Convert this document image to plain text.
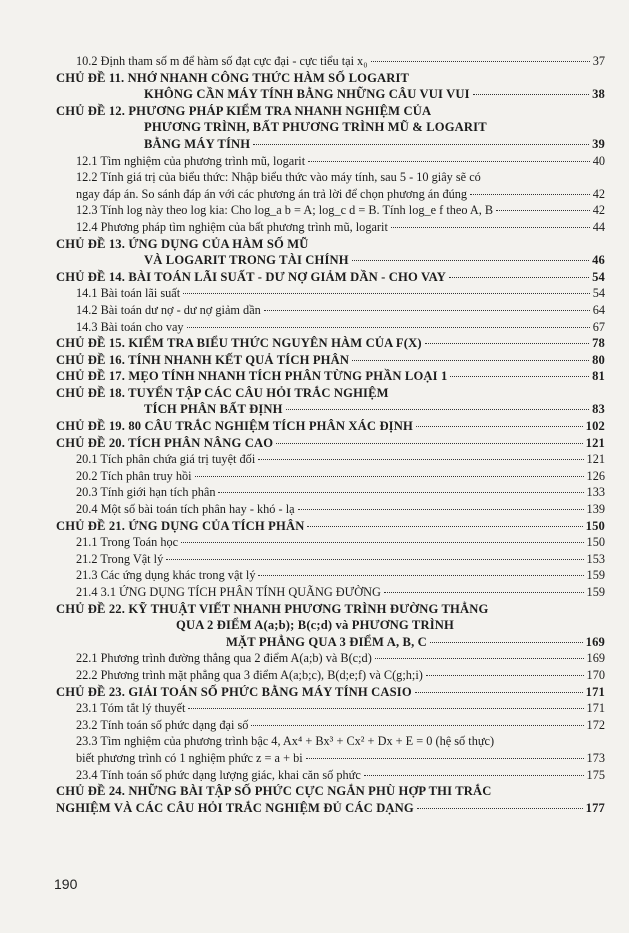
10.2 Định tham số m để hàm số đạt cực đại - cực tiểu tại x₀	37
CHỦ ĐỀ 11. NHỚ NHANH CÔNG THỨC HÀM SỐ LOGARIT
KHÔNG CẦN MÁY TÍNH BẰNG NHỮNG CÂU VUI VUI	38
CHỦ ĐỀ 12. PHƯƠNG PHÁP KIỂM TRA NHANH NGHIỆM CỦA
PHƯƠNG TRÌNH, BẤT PHƯƠNG TRÌNH MŨ & LOGARIT
BẰNG MÁY TÍNH	39
12.1 Tìm nghiệm của phương trình mũ, logarit	40
12.2 Tính giá trị của biểu thức: Nhập biểu thức vào máy tính, sau 5 - 10 giây sẽ có
ngay đáp án. So sánh đáp án với các phương án trả lời để chọn phương án đúng	42
12.3 Tính log này theo log kia: Cho log_a b = A; log_c d = B. Tính log_e f theo A, B	42
12.4 Phương pháp tìm nghiệm của bất phương trình mũ, logarit	44
CHỦ ĐỀ 13. ỨNG DỤNG CỦA HÀM SỐ MŨ
VÀ LOGARIT TRONG TÀI CHÍNH	46
CHỦ ĐỀ 14. BÀI TOÁN LÃI SUẤT - DƯ NỢ GIẢM DẦN - CHO VAY	54
14.1 Bài toán lãi suất	54
14.2 Bài toán dư nợ - dư nợ giảm dần	64
14.3 Bài toán cho vay	67
CHỦ ĐỀ 15. KIỂM TRA BIỂU THỨC NGUYÊN HÀM CỦA F(X)	78
CHỦ ĐỀ 16. TÍNH NHANH KẾT QUẢ TÍCH PHÂN	80
CHỦ ĐỀ 17. MẸO TÍNH NHANH TÍCH PHÂN TỪNG PHẦN LOẠI 1	81
CHỦ ĐỀ 18. TUYỂN TẬP CÁC CÂU HỎI TRẮC NGHIỆM
TÍCH PHÂN BẤT ĐỊNH	83
CHỦ ĐỀ 19. 80 CÂU TRẮC NGHIỆM TÍCH PHÂN XÁC ĐỊNH	102
CHỦ ĐỀ 20. TÍCH PHÂN NÂNG CAO	121
20.1 Tích phân chứa giá trị tuyệt đối	121
20.2 Tích phân truy hồi	126
20.3 Tính giới hạn tích phân	133
20.4 Một số bài toán tích phân hay - khó - lạ	139
CHỦ ĐỀ 21. ỨNG DỤNG CỦA TÍCH PHÂN	150
21.1 Trong Toán học	150
21.2 Trong Vật lý	153
21.3 Các ứng dụng khác trong vật lý	159
21.4 3.1 ỨNG DỤNG TÍCH PHÂN TÍNH QUÃNG ĐƯỜNG	159
CHỦ ĐỀ 22. KỸ THUẬT VIẾT NHANH PHƯƠNG TRÌNH ĐƯỜNG THẲNG
QUA 2 ĐIỂM A(a;b); B(c;d) và PHƯƠNG TRÌNH
MẶT PHẲNG QUA 3 ĐIỂM A, B, C	169
22.1 Phương trình đường thẳng qua 2 điểm A(a;b) và B(c;d)	169
22.2 Phương trình mặt phẳng qua 3 điểm A(a;b;c), B(d;e;f) và C(g;h;i)	170
CHỦ ĐỀ 23. GIẢI TOÁN SỐ PHỨC BẰNG MÁY TÍNH CASIO	171
23.1 Tóm tắt lý thuyết	171
23.2 Tính toán số phức dạng đại số	172
23.3 Tìm nghiệm của phương trình bậc 4, Ax⁴ + Bx³ + Cx² + Dx + E = 0 (hệ số thực)
biết phương trình có 1 nghiệm phức z = a + bi	173
23.4 Tính toán số phức dạng lượng giác, khai căn số phức	175
CHỦ ĐỀ 24. NHỮNG BÀI TẬP SỐ PHỨC CỰC NGẮN PHÙ HỢP THI TRẮC
NGHIỆM VÀ CÁC CÂU HỎI TRẮC NGHIỆM ĐỦ CÁC DẠNG	177
190
